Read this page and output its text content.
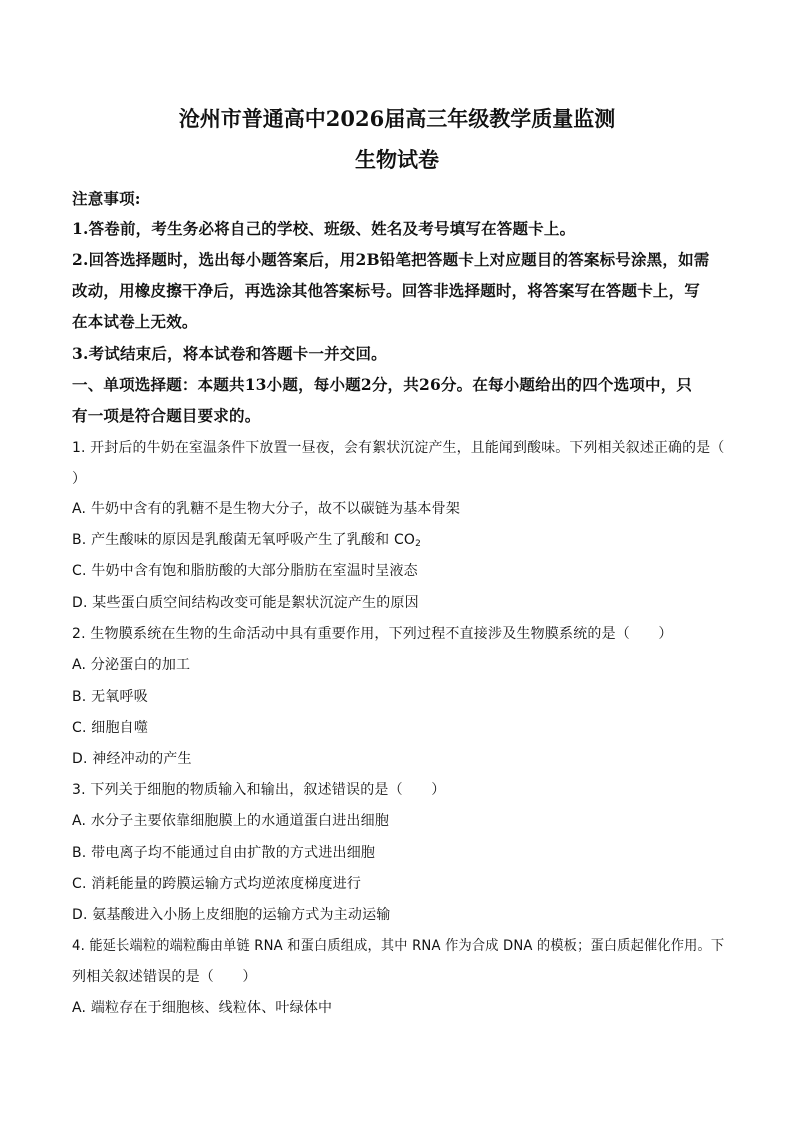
沧州市普通高中2026届高三年级教学质量监测
生物试卷
注意事项:
1.答卷前，考生务必将自己的学校、班级、姓名及考号填写在答题卡上。
2.回答选择题时，选出每小题答案后，用2B铅笔把答题卡上对应题目的答案标号涂黑，如需
改动，用橡皮擦干净后，再选涂其他答案标号。回答非选择题时，将答案写在答题卡上，写
在本试卷上无效。
3.考试结束后，将本试卷和答题卡一并交回。
一、单项选择题：本题共13小题，每小题2分，共26分。在每小题给出的四个选项中，只
有一项是符合题目要求的。
1. 开封后的牛奶在室温条件下放置一昼夜，会有絮状沉淀产生，且能闻到酸味。下列相关叙述正确的是（
）
A. 牛奶中含有的乳糖不是生物大分子，故不以碳链为基本骨架
B. 产生酸味的原因是乳酸菌无氧呼吸产生了乳酸和 $CO_2$
C. 牛奶中含有饱和脂肪酸的大部分脂肪在室温时呈液态
D. 某些蛋白质空间结构改变可能是絮状沉淀产生的原因
2. 生物膜系统在生物的生命活动中具有重要作用，下列过程不直接涉及生物膜系统的是（　　）
A. 分泌蛋白的加工
B. 无氧呼吸
C. 细胞自噬
D. 神经冲动的产生
3. 下列关于细胞的物质输入和输出，叙述错误的是（　　）
A. 水分子主要依靠细胞膜上的水通道蛋白进出细胞
B. 带电离子均不能通过自由扩散的方式进出细胞
C. 消耗能量的跨膜运输方式均逆浓度梯度进行
D. 氨基酸进入小肠上皮细胞的运输方式为主动运输
4. 能延长端粒的端粒酶由单链 RNA 和蛋白质组成，其中 RNA 作为合成 DNA 的模板；蛋白质起催化作用。下
列相关叙述错误的是（　　）
A. 端粒存在于细胞核、线粒体、叶绿体中
